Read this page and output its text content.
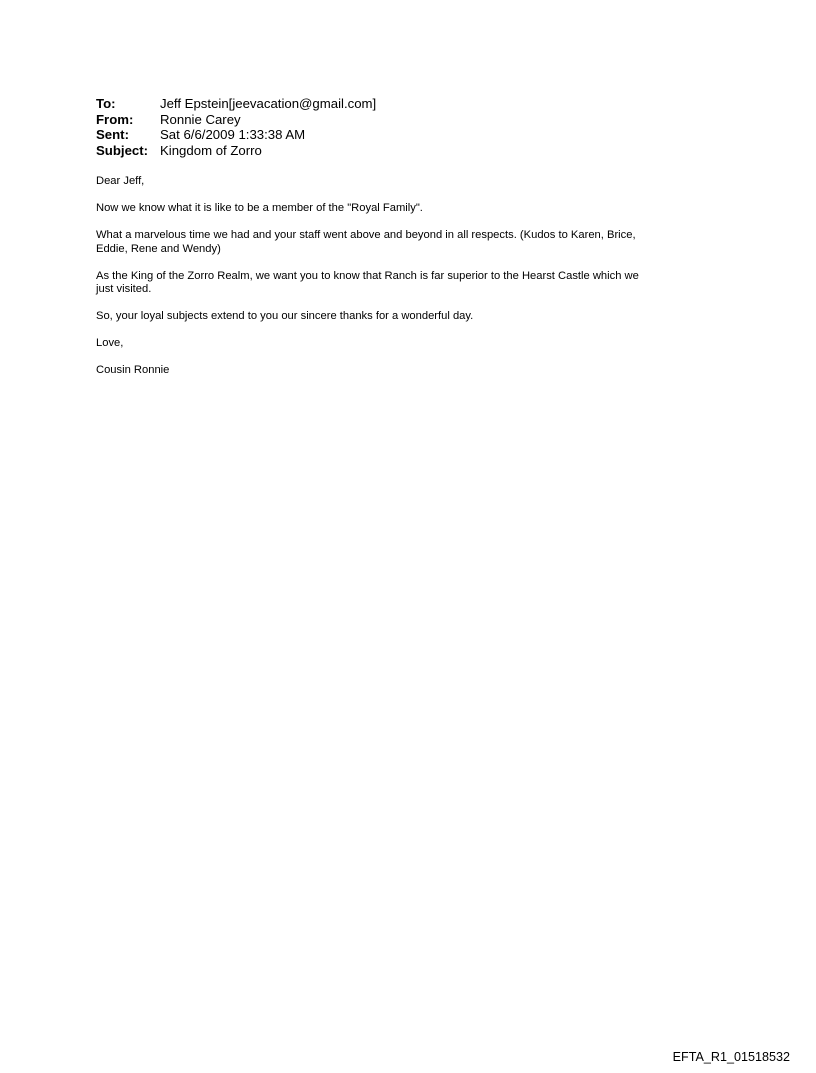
To:	Jeff Epstein[jeevacation@gmail.com]
From:	Ronnie Carey
Sent:	Sat 6/6/2009 1:33:38 AM
Subject: Kingdom of Zorro

Dear Jeff,

Now we know what it is like to be a member of the "Royal Family".

What a marvelous time we had and your staff went above and beyond in all respects. (Kudos to Karen, Brice,
Eddie, Rene and Wendy)

As the King of the Zorro Realm, we want you to know that Ranch is far superior to the Hearst Castle which we
just visited.

So, your loyal subjects extend to you our sincere thanks for a wonderful day.

Love,

Cousin Ronnie

EFTA_R1_01518532
